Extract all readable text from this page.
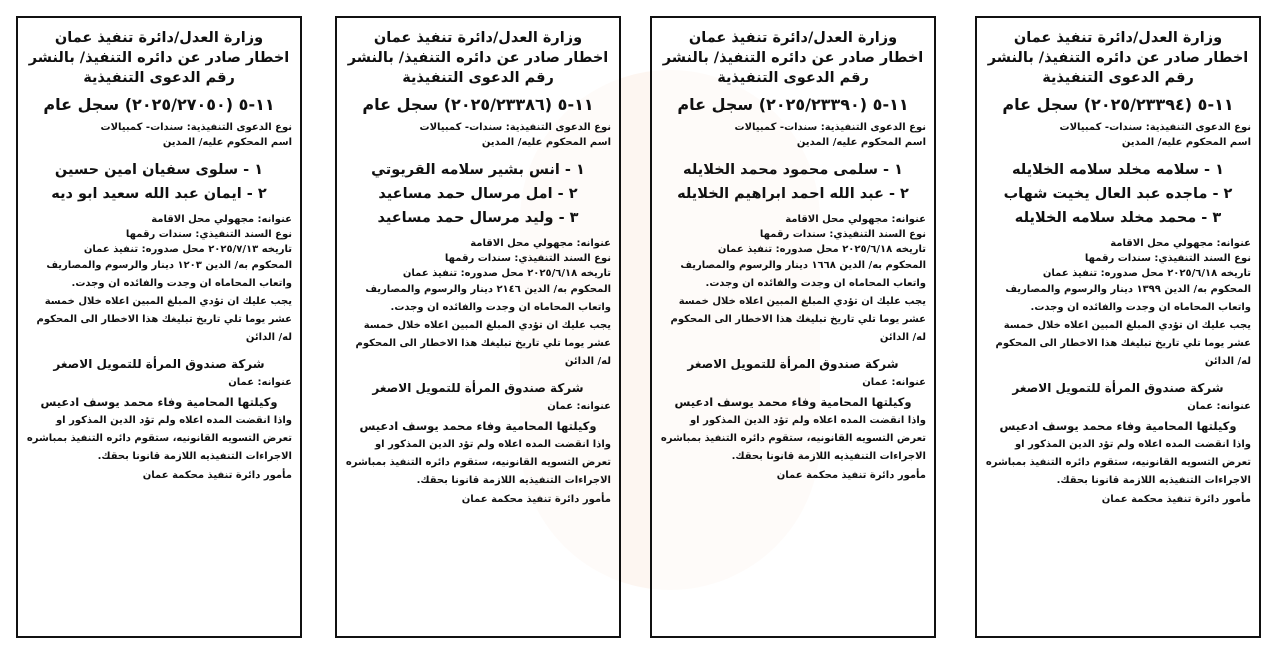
وزارة العدل/دائرة تنفيذ عمان
اخطار صادر عن دائره التنفيذ/ بالنشر
رقم الدعوى التنفيذية
١١-٥ (٢٠٢٥/٢٣٣٩٤) سجل عام
نوع الدعوى التنفيذية: سندات- كمبيالات
اسم المحكوم عليه/ المدين
١ - سلامه مخلد سلامه الخلايله
٢ - ماجده عبد العال يخيت شهاب
٣ - محمد مخلد سلامه الخلايله
عنوانه: مجهولي محل الاقامة
نوع السند التنفيذي: سندات رقمها
تاريخه ٢٠٢٥/٦/١٨ محل صدوره: تنفيذ عمان
المحكوم به/ الدين ١٣٩٩ دينار والرسوم والمصاريف واتعاب المحاماه ان وجدت والفائده ان وجدت.
يجب عليك ان تؤدي المبلغ المبين اعلاه خلال خمسة عشر يوما تلي تاريخ تبليغك هذا الاخطار الى المحكوم له/ الدائن
شركة صندوق المرأة للتمويل الاصغر
عنوانه: عمان
وكيلتها المحامية وفاء محمد يوسف ادعيس
واذا انقضت المده اعلاه ولم تؤد الدين المذكور او تعرض التسويه القانونيه، ستقوم دائره التنفيذ بمباشره الاجراءات التنفيذيه اللازمة قانونا بحقك.
مأمور دائرة تنفيذ محكمة عمان
وزارة العدل/دائرة تنفيذ عمان
اخطار صادر عن دائره التنفيذ/ بالنشر
رقم الدعوى التنفيذية
١١-٥ (٢٠٢٥/٢٣٣٩٠) سجل عام
نوع الدعوى التنفيذية: سندات- كمبيالات
اسم المحكوم عليه/ المدين
١ - سلمى محمود محمد الخلايله
٢ - عبد الله احمد ابراهيم الخلايله
عنوانه: مجهولي محل الاقامة
نوع السند التنفيذي: سندات رقمها
تاريخه ٢٠٢٥/٦/١٨ محل صدوره: تنفيذ عمان
المحكوم به/ الدين ١٦٦٨ دينار والرسوم والمصاريف واتعاب المحاماه ان وجدت والفائده ان وجدت.
يجب عليك ان تؤدي المبلغ المبين اعلاه خلال خمسة عشر يوما تلي تاريخ تبليغك هذا الاخطار الى المحكوم له/ الدائن
شركة صندوق المرأة للتمويل الاصغر
عنوانه: عمان
وكيلتها المحامية وفاء محمد يوسف ادعيس
واذا انقضت المده اعلاه ولم تؤد الدين المذكور او تعرض التسويه القانونيه، ستقوم دائره التنفيذ بمباشره الاجراءات التنفيذيه اللازمة قانونا بحقك.
مأمور دائرة تنفيذ محكمة عمان
وزارة العدل/دائرة تنفيذ عمان
اخطار صادر عن دائره التنفيذ/ بالنشر
رقم الدعوى التنفيذية
١١-٥ (٢٠٢٥/٢٣٣٨٦) سجل عام
نوع الدعوى التنفيذية: سندات- كمبيالات
اسم المحكوم عليه/ المدين
١ - انس بشير سلامه القريوتي
٢ - امل مرسال حمد مساعيد
٣ - وليد مرسال حمد مساعيد
عنوانه: مجهولي محل الاقامة
نوع السند التنفيذي: سندات رقمها
تاريخه ٢٠٢٥/٦/١٨ محل صدوره: تنفيذ عمان
المحكوم به/ الدين ٢١٤٦ دينار والرسوم والمصاريف واتعاب المحاماه ان وجدت والفائده ان وجدت.
يجب عليك ان تؤدي المبلغ المبين اعلاه خلال خمسة عشر يوما تلي تاريخ تبليغك هذا الاخطار الى المحكوم له/ الدائن
شركة صندوق المرأة للتمويل الاصغر
عنوانه: عمان
وكيلتها المحامية وفاء محمد يوسف ادعيس
واذا انقضت المده اعلاه ولم تؤد الدين المذكور او تعرض التسويه القانونيه، ستقوم دائره التنفيذ بمباشره الاجراءات التنفيذيه اللازمة قانونا بحقك.
مأمور دائرة تنفيذ محكمة عمان
وزارة العدل/دائرة تنفيذ عمان
اخطار صادر عن دائره التنفيذ/ بالنشر
رقم الدعوى التنفيذية
١١-٥ (٢٠٢٥/٢٧٠٥٠) سجل عام
نوع الدعوى التنفيذية: سندات- كمبيالات
اسم المحكوم عليه/ المدين
١ - سلوى سفيان امين حسين
٢ - ايمان عبد الله سعيد ابو ديه
عنوانه: مجهولي محل الاقامة
نوع السند التنفيذي: سندات رقمها
تاريخه ٢٠٢٥/٧/١٣ محل صدوره: تنفيذ عمان
المحكوم به/ الدين ١٢٠٣ دينار والرسوم والمصاريف واتعاب المحاماه ان وجدت والفائده ان وجدت.
يجب عليك ان تؤدي المبلغ المبين اعلاه خلال خمسة عشر يوما تلي تاريخ تبليغك هذا الاخطار الى المحكوم له/ الدائن
شركة صندوق المرأة للتمويل الاصغر
عنوانه: عمان
وكيلتها المحامية وفاء محمد يوسف ادعيس
واذا انقضت المده اعلاه ولم تؤد الدين المذكور او تعرض التسويه القانونيه، ستقوم دائره التنفيذ بمباشره الاجراءات التنفيذيه اللازمة قانونا بحقك.
مأمور دائرة تنفيذ محكمة عمان
